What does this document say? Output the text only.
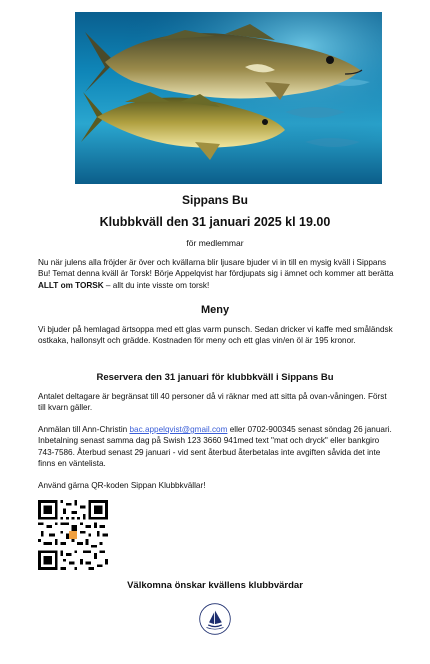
Sippans Bu
Klubbkväll den 31 januari 2025 kl 19.00
för medlemmar
Nu när julens alla fröjder är över och kvällarna blir ljusare bjuder vi in till en mysig kväll i Sippans Bu! Temat denna kväll är Torsk! Börje Appelqvist har fördjupats sig i ämnet och kommer att berätta ALLT om TORSK – allt du inte visste om torsk!
Meny
Vi bjuder på hemlagad ärtsoppa med ett glas varm punsch. Sedan dricker vi kaffe med småländsk ostkaka, hallonsylt och grädde. Kostnaden för meny och ett glas vin/en öl är 195 kronor.
Reservera den 31 januari för klubbkväll i Sippans Bu
Antalet deltagare är begränsat till 40 personer då vi räknar med att sitta på ovan-våningen. Först till kvarn gäller.
Anmälan till Ann-Christin bac.appelqvist@gmail.com eller 0702-900345 senast söndag 26 januari. Inbetalning senast samma dag på Swish 123 3660 941med text "mat och dryck" eller bankgiro 743-7586. Återbud senast 29 januari - vid sent återbud återbetalas inte avgiften såvida det inte finns en väntelista.
Använd gärna QR-koden Sippan Klubbkvällar!
Välkomna önskar kvällens klubbvärdar
